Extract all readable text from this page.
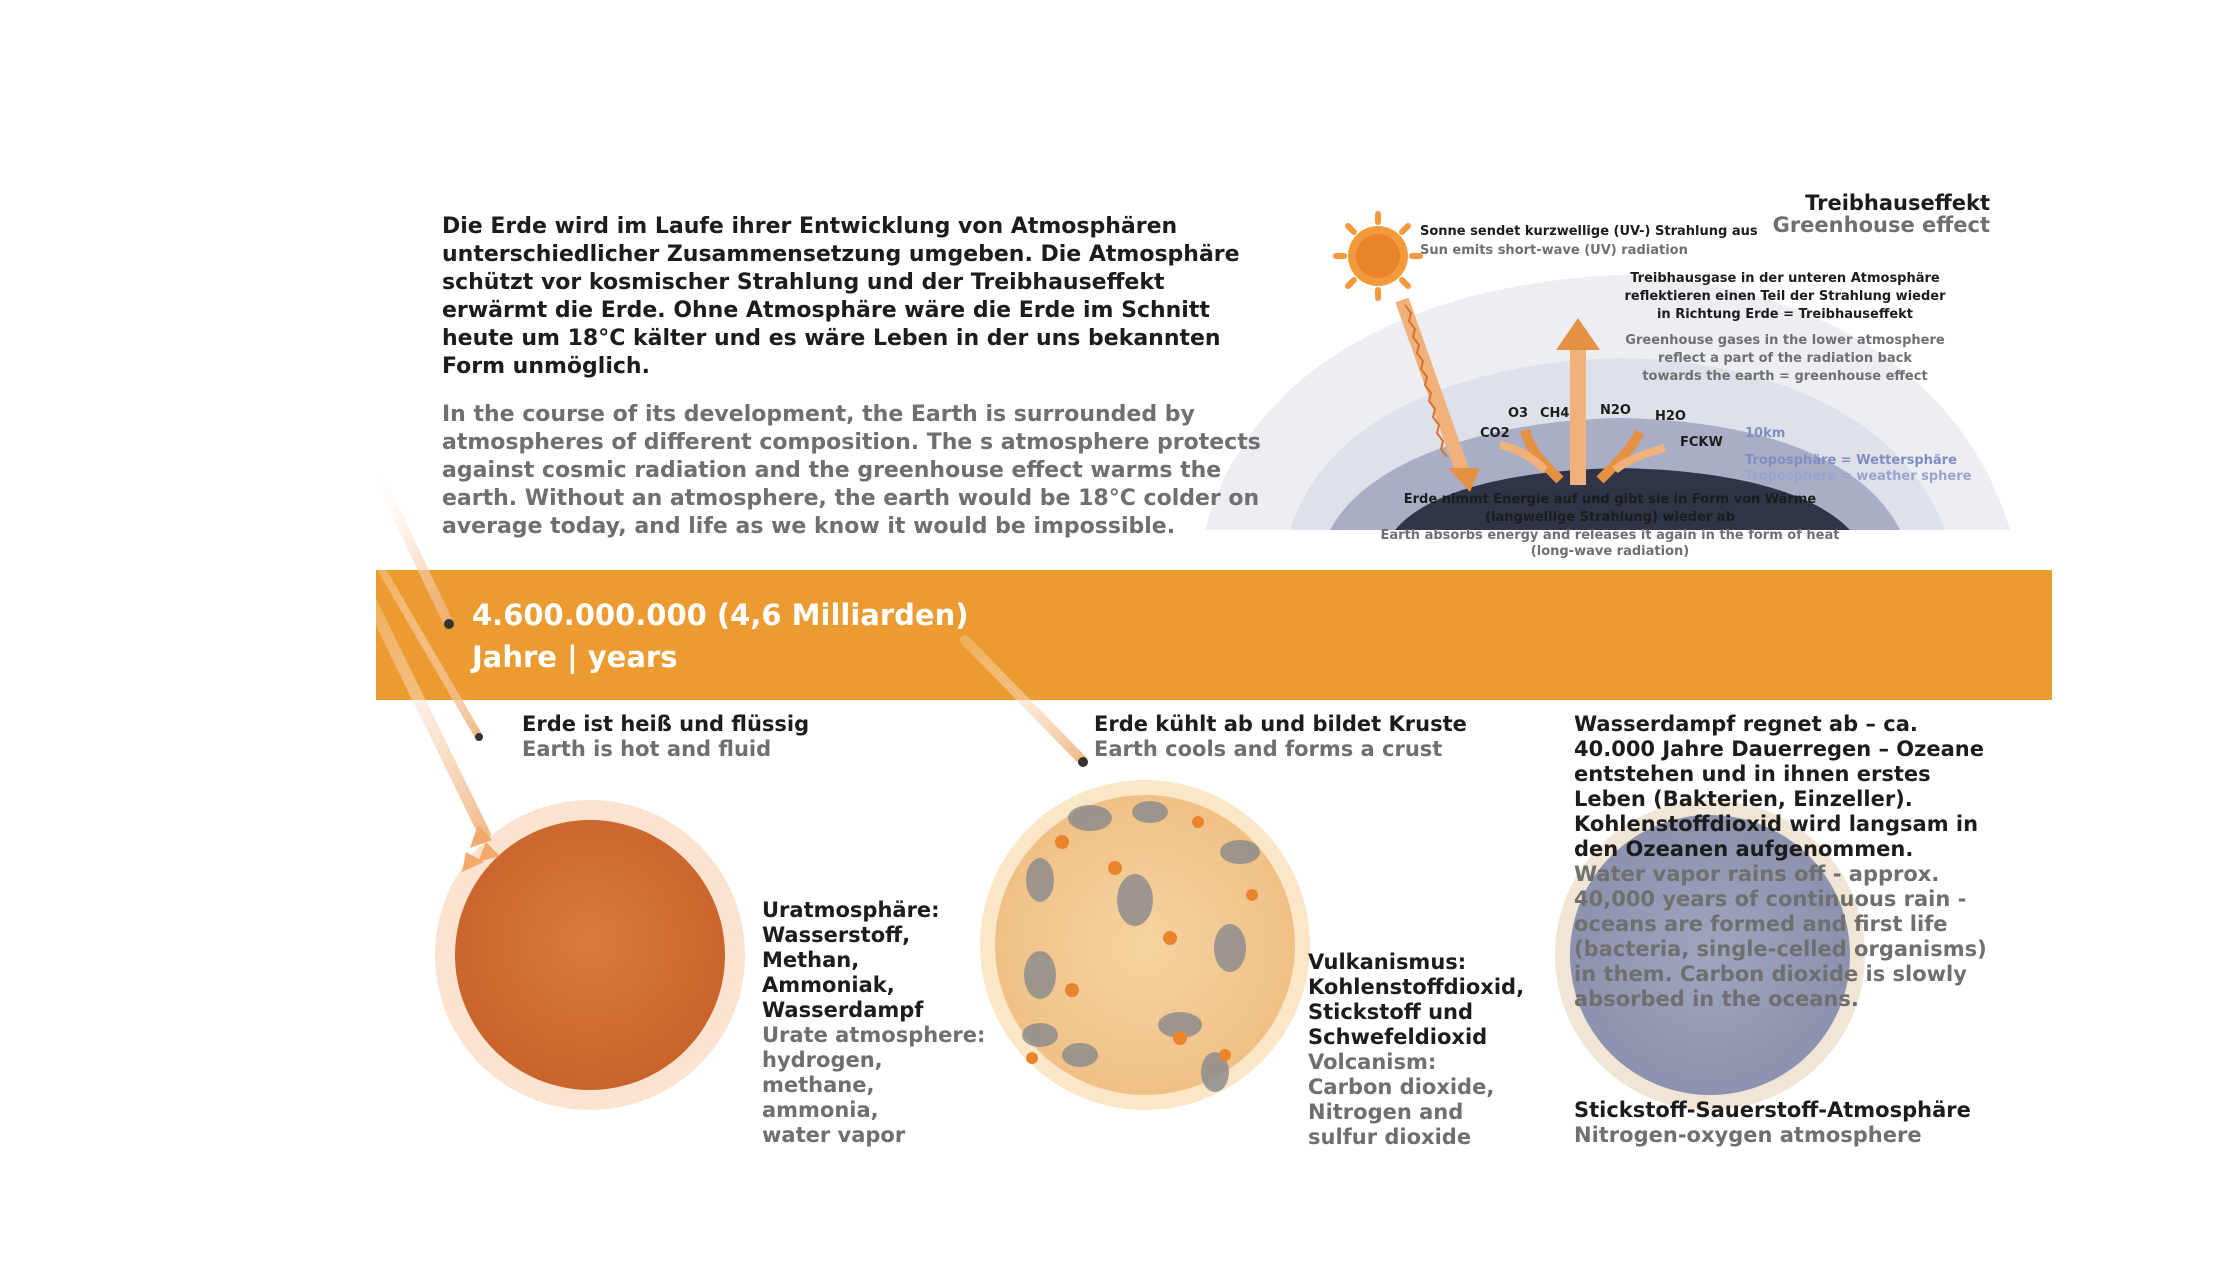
Die Erde wird im Laufe ihrer Entwicklung von Atmosphären unterschiedlicher Zusammensetzung umgeben. Die Atmosphäre schützt vor kosmischer Strahlung und der Treibhauseffekt erwärmt die Erde. Ohne Atmosphäre wäre die Erde im Schnitt heute um 18°C kälter und es wäre Leben in der uns bekannten Form unmöglich.

In the course of its development, the Earth is surrounded by atmospheres of different composition. The s atmosphere protects against cosmic radiation and the greenhouse effect warms the earth. Without an atmosphere, the earth would be 18°C colder on average today, and life as we know it would be impossible.

Treibhauseffekt
Greenhouse effect
Sonne sendet kurzwellige (UV-) Strahlung aus
Sun emits short-wave (UV) radiation
Treibhausgase in der unteren Atmosphäre
reflektieren einen Teil der Strahlung wieder
in Richtung Erde = Treibhauseffekt
Greenhouse gases in the lower atmosphere
reflect a part of the radiation back
towards the earth = greenhouse effect
O3 CH4
CO2
N2O H2O
FCKW
10km
Troposphäre = Wettersphäre
Troposphere = weather sphere
Erde nimmt Energie auf und gibt sie in Form von Wärme
(langwellige Strahlung) wieder ab
Earth absorbs energy and releases it again in the form of heat
(long-wave radiation)
4.600.000.000 (4,6 Milliarden)
Jahre | years
Erde ist heiß und flüssig
Earth is hot and fluid
Uratmosphäre:
Wasserstoff,
Methan,
Ammoniak,
Wasserdampf
Urate atmosphere:
hydrogen,
methane,
ammonia,
water vapor
Erde kühlt ab und bildet Kruste
Earth cools and forms a crust
Vulkanismus:
Kohlenstoffdioxid,
Stickstoff und
Schwefeldioxid
Volcanism:
Carbon dioxide,
Nitrogen and
sulfur dioxide
Wasserdampf regnet ab – ca. 40.000 Jahre Dauerregen – Ozeane entstehen und in ihnen erstes Leben (Bakterien, Einzeller). Kohlenstoffdioxid wird langsam in den Ozeanen aufgenommen.
Water vapor rains off - approx. 40,000 years of continuous rain - oceans are formed and first life (bacteria, single-celled organisms) in them. Carbon dioxide is slowly absorbed in the oceans.
Stickstoff-Sauerstoff-Atmosphäre
Nitrogen-oxygen atmosphere
